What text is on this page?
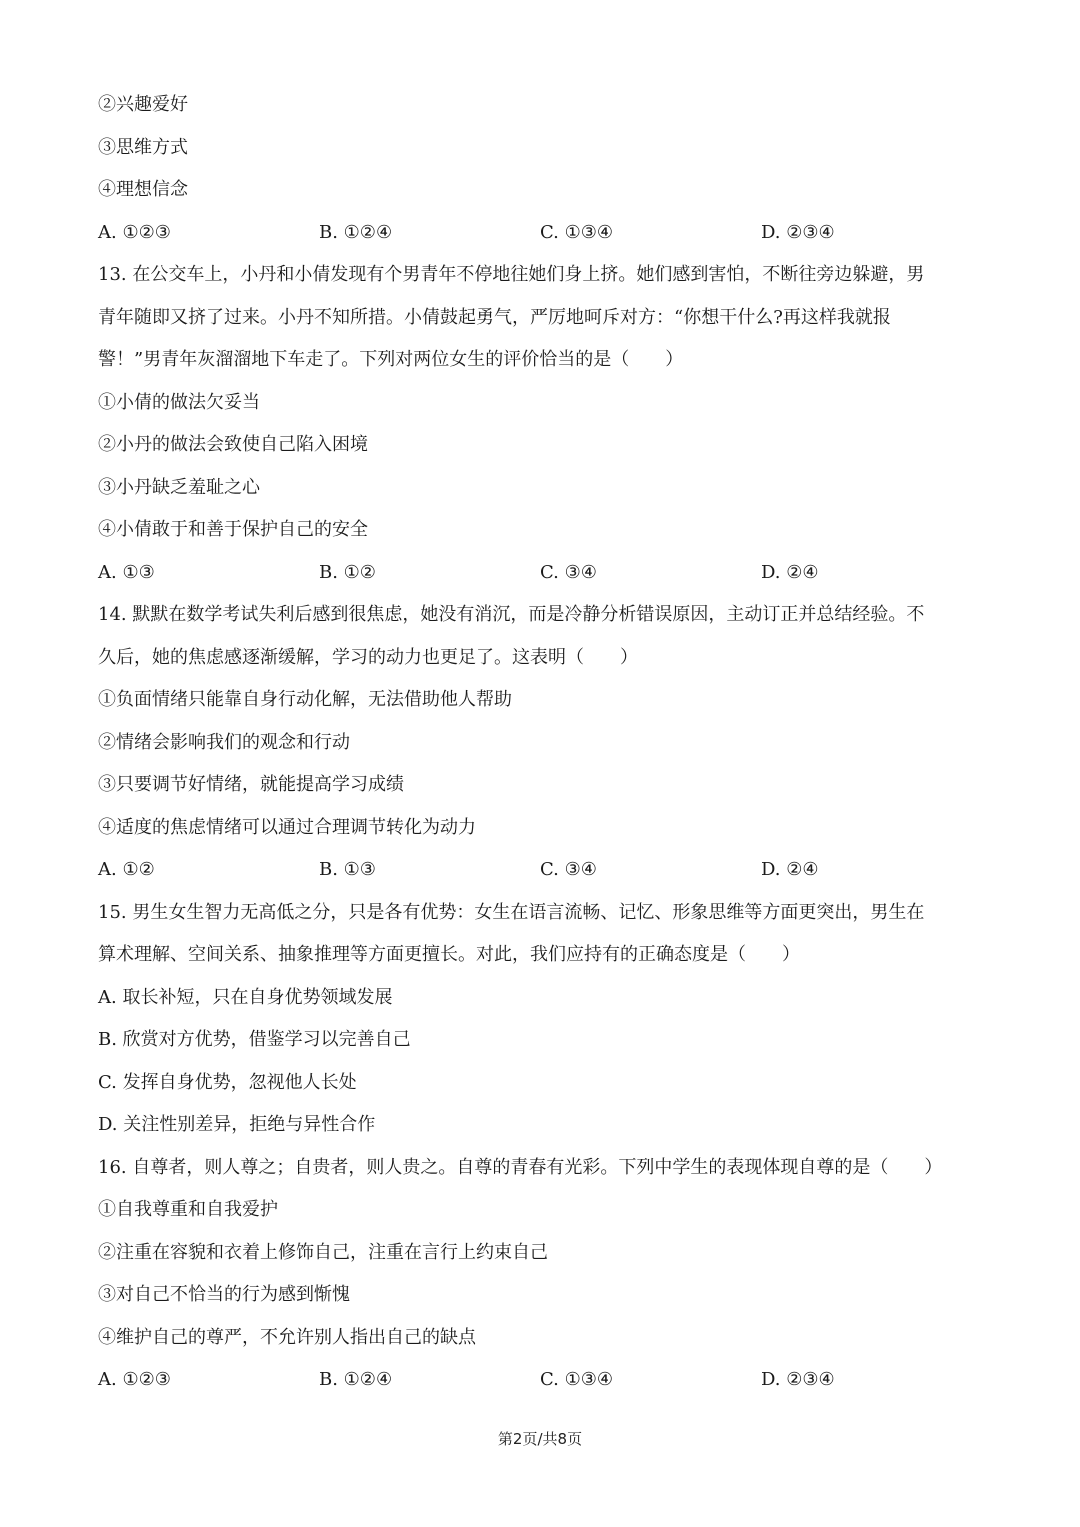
②兴趣爱好
③思维方式
④理想信念
A. ①②③	B. ①②④	C. ①③④	D. ②③④
13. 在公交车上，小丹和小倩发现有个男青年不停地往她们身上挤。她们感到害怕，不断往旁边躲避，男
青年随即又挤了过来。小丹不知所措。小倩鼓起勇气，严厉地呵斥对方：“你想干什么?再这样我就报
警！”男青年灰溜溜地下车走了。下列对两位女生的评价恰当的是（　　）
①小倩的做法欠妥当
②小丹的做法会致使自己陷入困境
③小丹缺乏羞耻之心
④小倩敢于和善于保护自己的安全
A. ①③	B. ①②	C. ③④	D. ②④
14. 默默在数学考试失利后感到很焦虑，她没有消沉，而是冷静分析错误原因，主动订正并总结经验。不
久后，她的焦虑感逐渐缓解，学习的动力也更足了。这表明（　　）
①负面情绪只能靠自身行动化解，无法借助他人帮助
②情绪会影响我们的观念和行动
③只要调节好情绪，就能提高学习成绩
④适度的焦虑情绪可以通过合理调节转化为动力
A. ①②	B. ①③	C. ③④	D. ②④
15. 男生女生智力无高低之分，只是各有优势：女生在语言流畅、记忆、形象思维等方面更突出，男生在
算术理解、空间关系、抽象推理等方面更擅长。对此，我们应持有的正确态度是（　　）
A. 取长补短，只在自身优势领域发展
B. 欣赏对方优势，借鉴学习以完善自己
C. 发挥自身优势，忽视他人长处
D. 关注性别差异，拒绝与异性合作
16. 自尊者，则人尊之；自贵者，则人贵之。自尊的青春有光彩。下列中学生的表现体现自尊的是（　　）
①自我尊重和自我爱护
②注重在容貌和衣着上修饰自己，注重在言行上约束自己
③对自己不恰当的行为感到惭愧
④维护自己的尊严，不允许别人指出自己的缺点
A. ①②③	B. ①②④	C. ①③④	D. ②③④
第2页/共8页
